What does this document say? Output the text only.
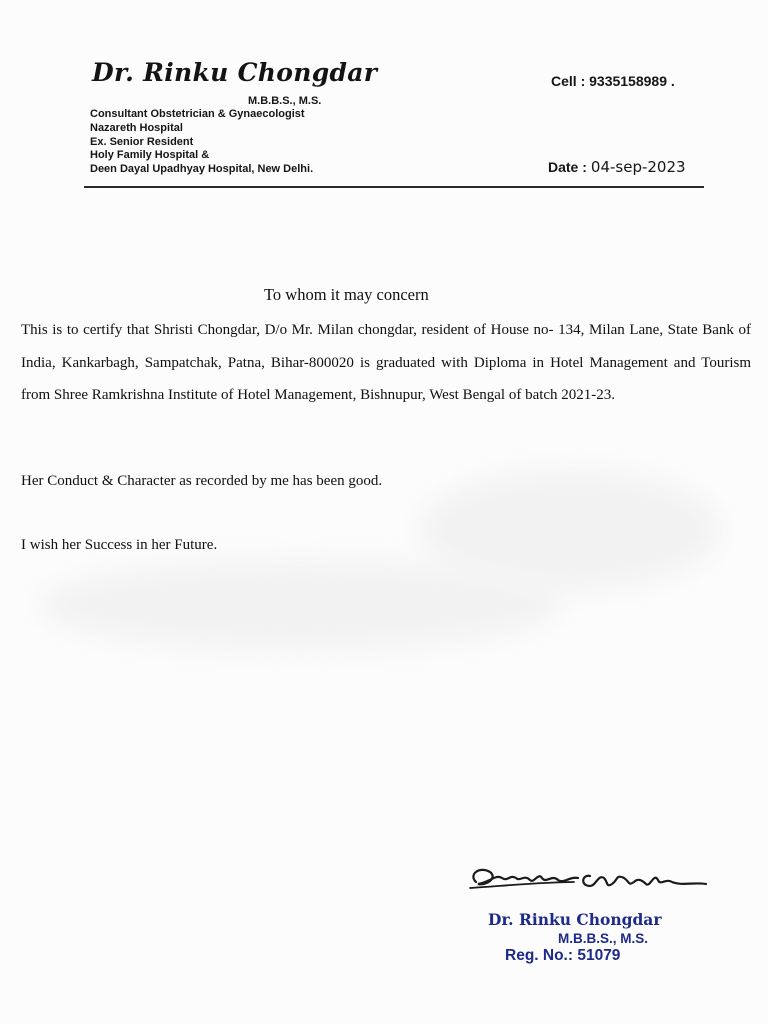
Dr. Rinku Chongdar
M.B.B.S., M.S.
Consultant Obstetrician & Gynaecologist
Nazareth Hospital
Ex. Senior Resident
Holy Family Hospital &
Deen Dayal Upadhyay Hospital, New Delhi.
Cell : 9335158989 .
Date : 04-sep-2023
To whom it may concern
This is to certify that Shristi Chongdar, D/o Mr. Milan chongdar, resident of House no- 134, Milan Lane, State Bank of India, Kankarbagh, Sampatchak, Patna, Bihar-800020 is graduated with Diploma in Hotel Management and Tourism from Shree Ramkrishna Institute of Hotel Management, Bishnupur, West Bengal of batch 2021-23.
Her Conduct & Character as recorded by me has been good.
I wish her Success in her Future.
Dr. Rinku Chongdar
M.B.B.S., M.S.
Reg. No.: 51079
